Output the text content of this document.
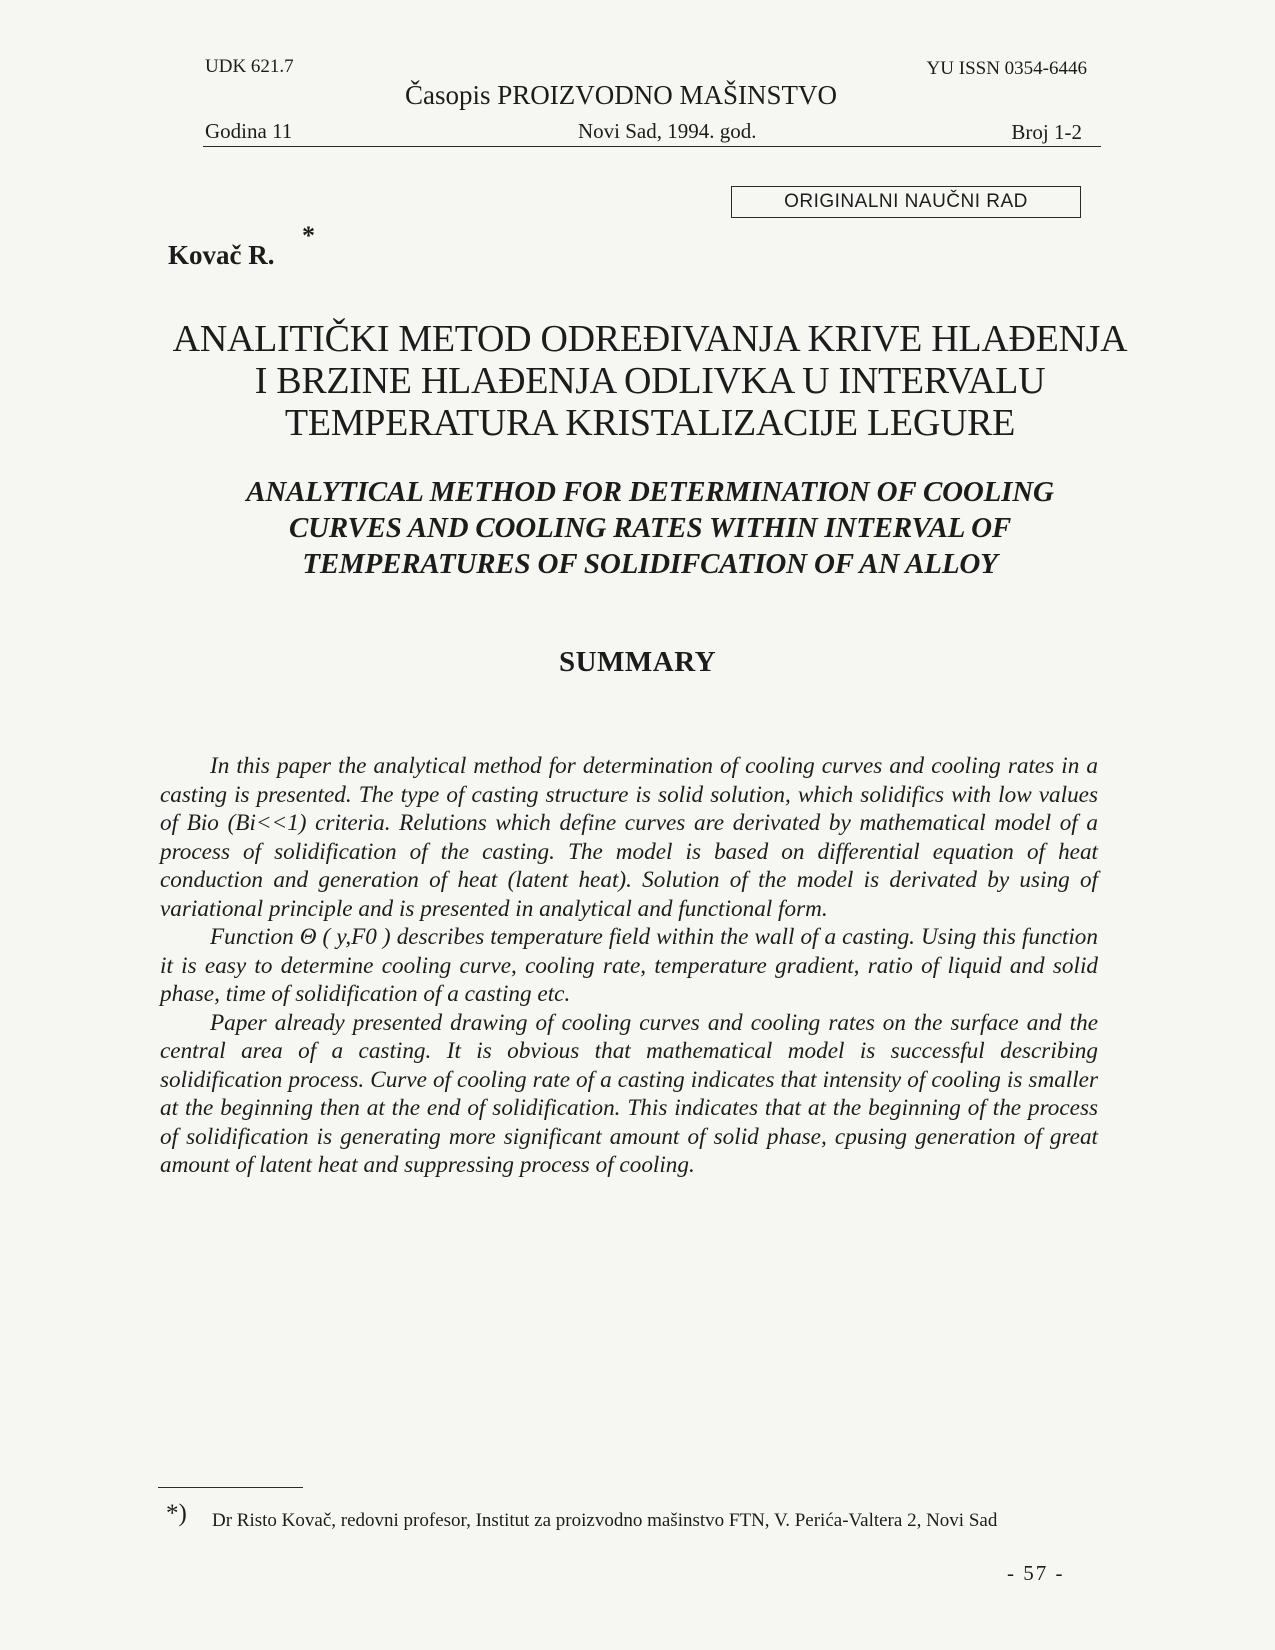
UDK 621.7	YU ISSN 0354-6446
Časopis PROIZVODNO MAŠINSTVO
Godina 11	Novi Sad, 1994. god.	Broj 1-2
ORIGINALNI NAUČNI RAD
Kovač R.
*
ANALITIČKI METOD ODREĐIVANJA KRIVE HLAĐENJA
I BRZINE HLAĐENJA ODLIVKA U INTERVALU
TEMPERATURA KRISTALIZACIJE LEGURE
ANALYTICAL METHOD FOR DETERMINATION OF COOLING
CURVES AND COOLING RATES WITHIN INTERVAL OF
TEMPERATURES OF SOLIDIFCATION OF AN ALLOY
SUMMARY

In this paper the analytical method for determination of cooling curves and cooling rates in a casting is presented. The type of casting structure is solid solution, which solidifics with low values of Bio (Bi<<1) criteria. Relutions which define curves are derivated by mathematical model of a process of solidification of the casting. The model is based on differential equation of heat conduction and generation of heat (latent heat). Solution of the model is derivated by using of variational principle and is presented in analytical and functional form.

Function Θ ( y,F0 ) describes temperature field within the wall of a casting. Using this function it is easy to determine cooling curve, cooling rate, temperature gradient, ratio of liquid and solid phase, time of solidification of a casting etc.

Paper already presented drawing of cooling curves and cooling rates on the surface and the central area of a casting. It is obvious that mathematical model is successful describing solidification process. Curve of cooling rate of a casting indicates that intensity of cooling is smaller at the beginning then at the end of solidification. This indicates that at the beginning of the process of solidification is generating more significant amount of solid phase, cpusing generation of great amount of latent heat and suppressing process of cooling.

*) Dr Risto Kovač, redovni profesor, Institut za proizvodno mašinstvo FTN, V. Perića-Valtera 2, Novi Sad
- 57 -
